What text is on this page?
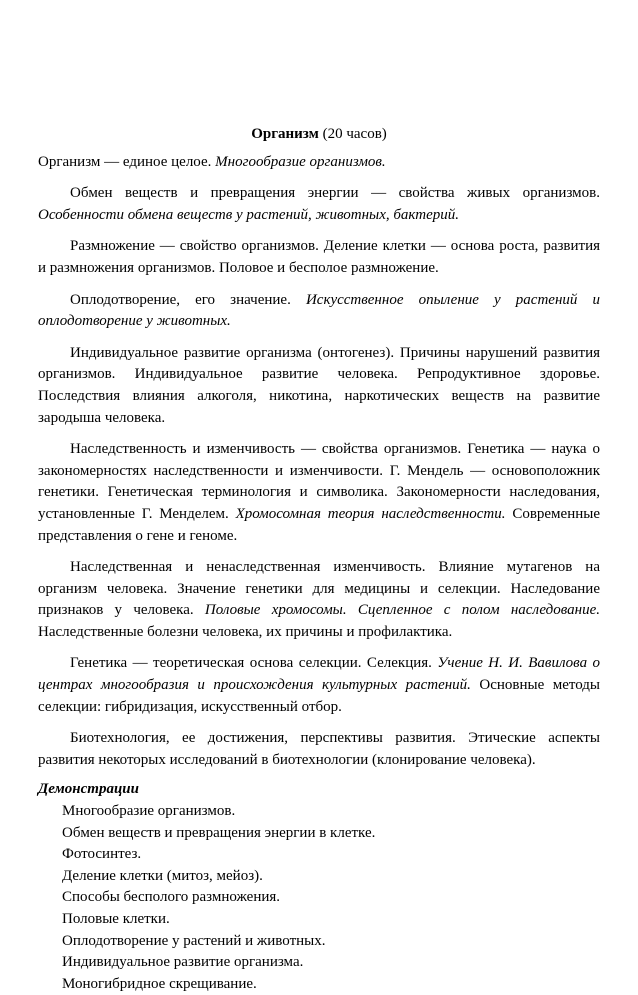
Организм (20 часов)

Организм — единое целое. Многообразие организмов.

Обмен веществ и превращения энергии — свойства живых организмов. Особенности обмена веществ у растений, животных, бактерий.

Размножение — свойство организмов. Деление клетки — основа роста, развития и размножения организмов. Половое и бесполое размножение.

Оплодотворение, его значение. Искусственное опыление у растений и оплодотворение у животных.

Индивидуальное развитие организма (онтогенез). Причины нарушений развития организмов. Индивидуальное развитие человека. Репродуктивное здоровье. Последствия влияния алкоголя, никотина, наркотических веществ на развитие зародыша человека.

Наследственность и изменчивость — свойства организмов. Генетика — наука о закономерностях наследственности и изменчивости. Г. Мендель — основоположник генетики. Генетическая терминология и символика. Закономерности наследования, установленные Г. Менделем. Хромосомная теория наследственности. Современные представления о гене и геноме.

Наследственная и ненаследственная изменчивость. Влияние мутагенов на организм человека. Значение генетики для медицины и селекции. Наследование признаков у человека. Половые хромосомы. Сцепленное с полом наследование. Наследственные болезни человека, их причины и профилактика.

Генетика — теоретическая основа селекции. Селекция. Учение Н. И. Вавилова о центрах многообразия и происхождения культурных растений. Основные методы селекции: гибридизация, искусственный отбор.

Биотехнология, ее достижения, перспективы развития. Этические аспекты развития некоторых исследований в биотехнологии (клонирование человека).

Демонстрации
Многообразие организмов.
Обмен веществ и превращения энергии в клетке.
Фотосинтез.
Деление клетки (митоз, мейоз).
Способы бесполого размножения.
Половые клетки.
Оплодотворение у растений и животных.
Индивидуальное развитие организма.
Моногибридное скрещивание.
